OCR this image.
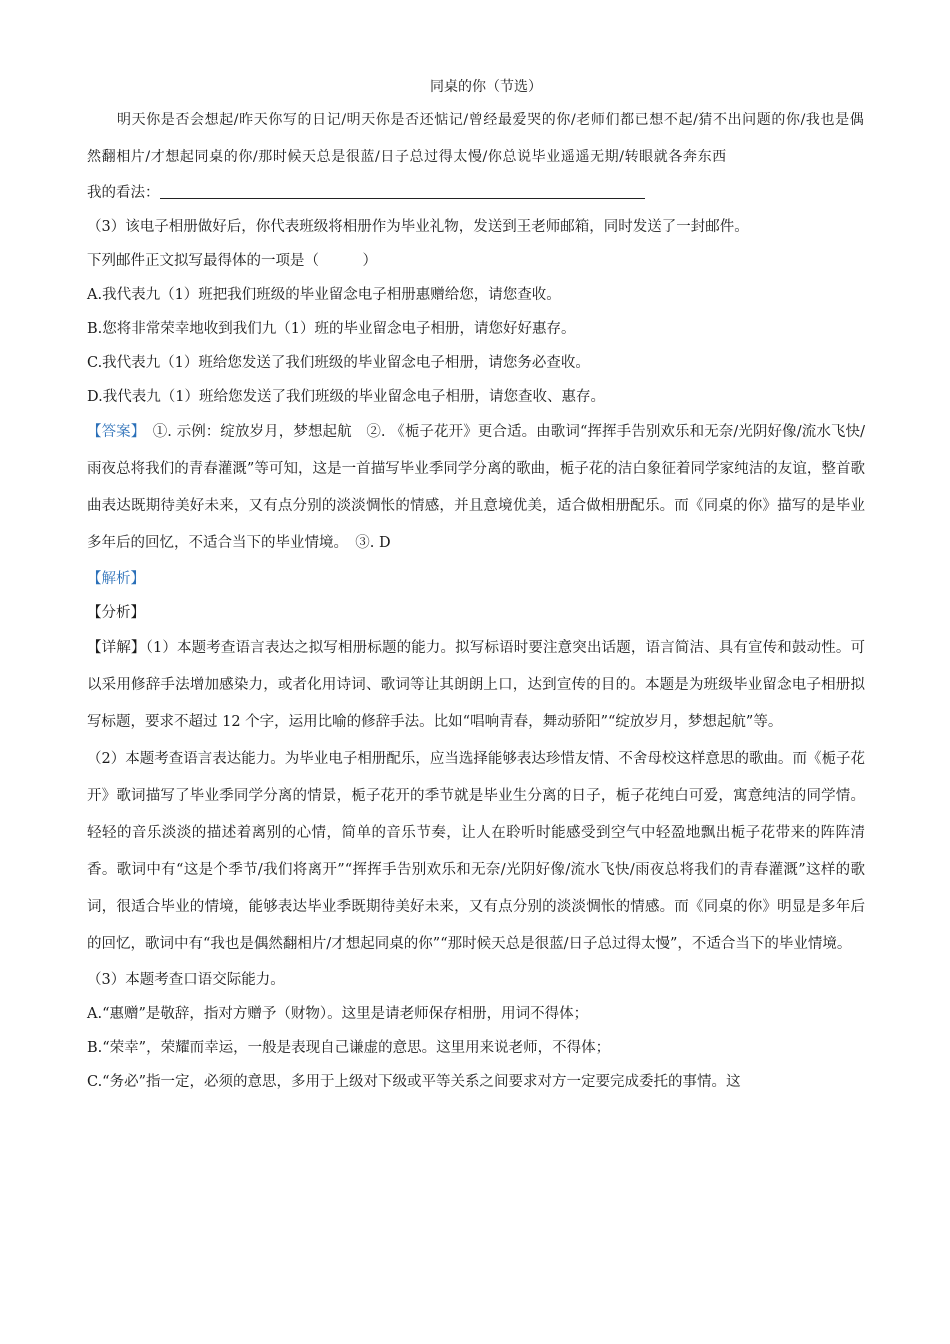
同桌的你（节选）

明天你是否会想起/昨天你写的日记/明天你是否还惦记/曾经最爱哭的你/老师们都已想不起/猜不出问题的你/我也是偶然翻相片/才想起同桌的你/那时候天总是很蓝/日子总过得太慢/你总说毕业遥遥无期/转眼就各奔东西

我的看法：

（3）该电子相册做好后，你代表班级将相册作为毕业礼物，发送到王老师邮箱，同时发送了一封邮件。

下列邮件正文拟写最得体的一项是（　　　）

A.我代表九（1）班把我们班级的毕业留念电子相册惠赠给您，请您查收。

B.您将非常荣幸地收到我们九（1）班的毕业留念电子相册，请您好好惠存。

C.我代表九（1）班给您发送了我们班级的毕业留念电子相册，请您务必查收。

D.我代表九（1）班给您发送了我们班级的毕业留念电子相册，请您查收、惠存。

【答案】　①. 示例：绽放岁月，梦想起航　②. 《栀子花开》更合适。由歌词“挥挥手告别欢乐和无奈/光阴好像/流水飞快/雨夜总将我们的青春灌溉”等可知，这是一首描写毕业季同学分离的歌曲，栀子花的洁白象征着同学家纯洁的友谊，整首歌曲表达既期待美好未来，又有点分别的淡淡惆怅的情感，并且意境优美，适合做相册配乐。而《同桌的你》描写的是毕业多年后的回忆，不适合当下的毕业情境。　③. D

【解析】

【分析】

【详解】（1）本题考查语言表达之拟写相册标题的能力。拟写标语时要注意突出话题，语言简洁、具有宣传和鼓动性。可以采用修辞手法增加感染力，或者化用诗词、歌词等让其朗朗上口，达到宣传的目的。本题是为班级毕业留念电子相册拟写标题，要求不超过 12 个字，运用比喻的修辞手法。比如“唱响青春，舞动骄阳”“绽放岁月，梦想起航”等。

（2）本题考查语言表达能力。为毕业电子相册配乐，应当选择能够表达珍惜友情、不舍母校这样意思的歌曲。而《栀子花开》歌词描写了毕业季同学分离的情景，栀子花开的季节就是毕业生分离的日子，栀子花纯白可爱，寓意纯洁的同学情。轻轻的音乐淡淡的描述着离别的心情，简单的音乐节奏，让人在聆听时能感受到空气中轻盈地飘出栀子花带来的阵阵清香。歌词中有“这是个季节/我们将离开”“挥挥手告别欢乐和无奈/光阴好像/流水飞快/雨夜总将我们的青春灌溉”这样的歌词，很适合毕业的情境，能够表达毕业季既期待美好未来，又有点分别的淡淡惆怅的情感。而《同桌的你》明显是多年后的回忆，歌词中有“我也是偶然翻相片/才想起同桌的你”“那时候天总是很蓝/日子总过得太慢”，不适合当下的毕业情境。

（3）本题考查口语交际能力。

A.“惠赠”是敬辞，指对方赠予（财物）。这里是请老师保存相册，用词不得体；

B.“荣幸”，荣耀而幸运，一般是表现自己谦虚的意思。这里用来说老师，不得体；

C.“务必”指一定，必须的意思，多用于上级对下级或平等关系之间要求对方一定要完成委托的事情。这
